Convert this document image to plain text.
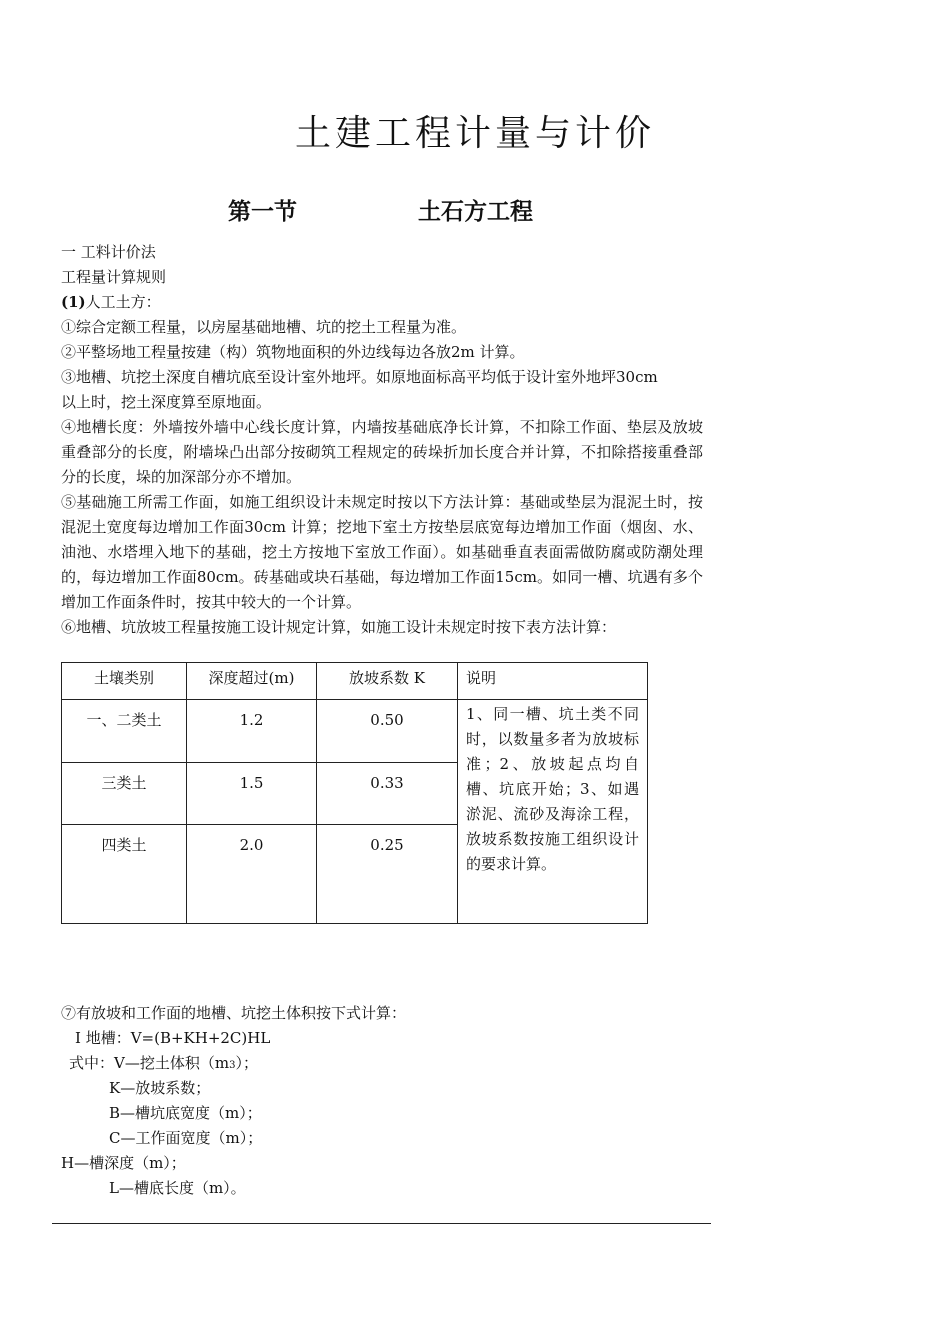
土建工程计量与计价
第一节	土石方工程
一 工料计价法
工程量计算规则
(1)人工土方：
①综合定额工程量，以房屋基础地槽、坑的挖土工程量为准。
②平整场地工程量按建（构）筑物地面积的外边线每边各放2m 计算。
③地槽、坑挖土深度自槽坑底至设计室外地坪。如原地面标高平均低于设计室外地坪30cm
以上时，挖土深度算至原地面。
④地槽长度：外墙按外墙中心线长度计算，内墙按基础底净长计算，不扣除工作面、垫层及放坡重叠部分的长度，附墙垛凸出部分按砌筑工程规定的砖垛折加长度合并计算，不扣除搭接重叠部分的长度，垛的加深部分亦不增加。
⑤基础施工所需工作面，如施工组织设计未规定时按以下方法计算：基础或垫层为混泥土时，按混泥土宽度每边增加工作面30cm 计算；挖地下室土方按垫层底宽每边增加工作面（烟囱、水、油池、水塔埋入地下的基础，挖土方按地下室放工作面）。如基础垂直表面需做防腐或防潮处理的，每边增加工作面80cm。砖基础或块石基础，每边增加工作面15cm。如同一槽、坑遇有多个增加工作面条件时，按其中较大的一个计算。
⑥地槽、坑放坡工程量按施工设计规定计算，如施工设计未规定时按下表方法计算：
土壤类别	深度超过(m)	放坡系数 K	说明
一、二类土	1.2	0.50	1、同一槽、坑土类不同时，以数量多者为放坡标准；2、放坡起点均自槽、坑底开始；3、如遇淤泥、流砂及海涂工程，放坡系数按施工组织设计的要求计算。
三类土	1.5	0.33	
四类土	2.0	0.25	
⑦有放坡和工作面的地槽、坑挖土体积按下式计算：
I 地槽：V=(B+KH+2C)HL
式中：V—挖土体积（m3）；
K—放坡系数；
B—槽坑底宽度（m）；
C—工作面宽度（m）；
H—槽深度（m）；
L—槽底长度（m）。
